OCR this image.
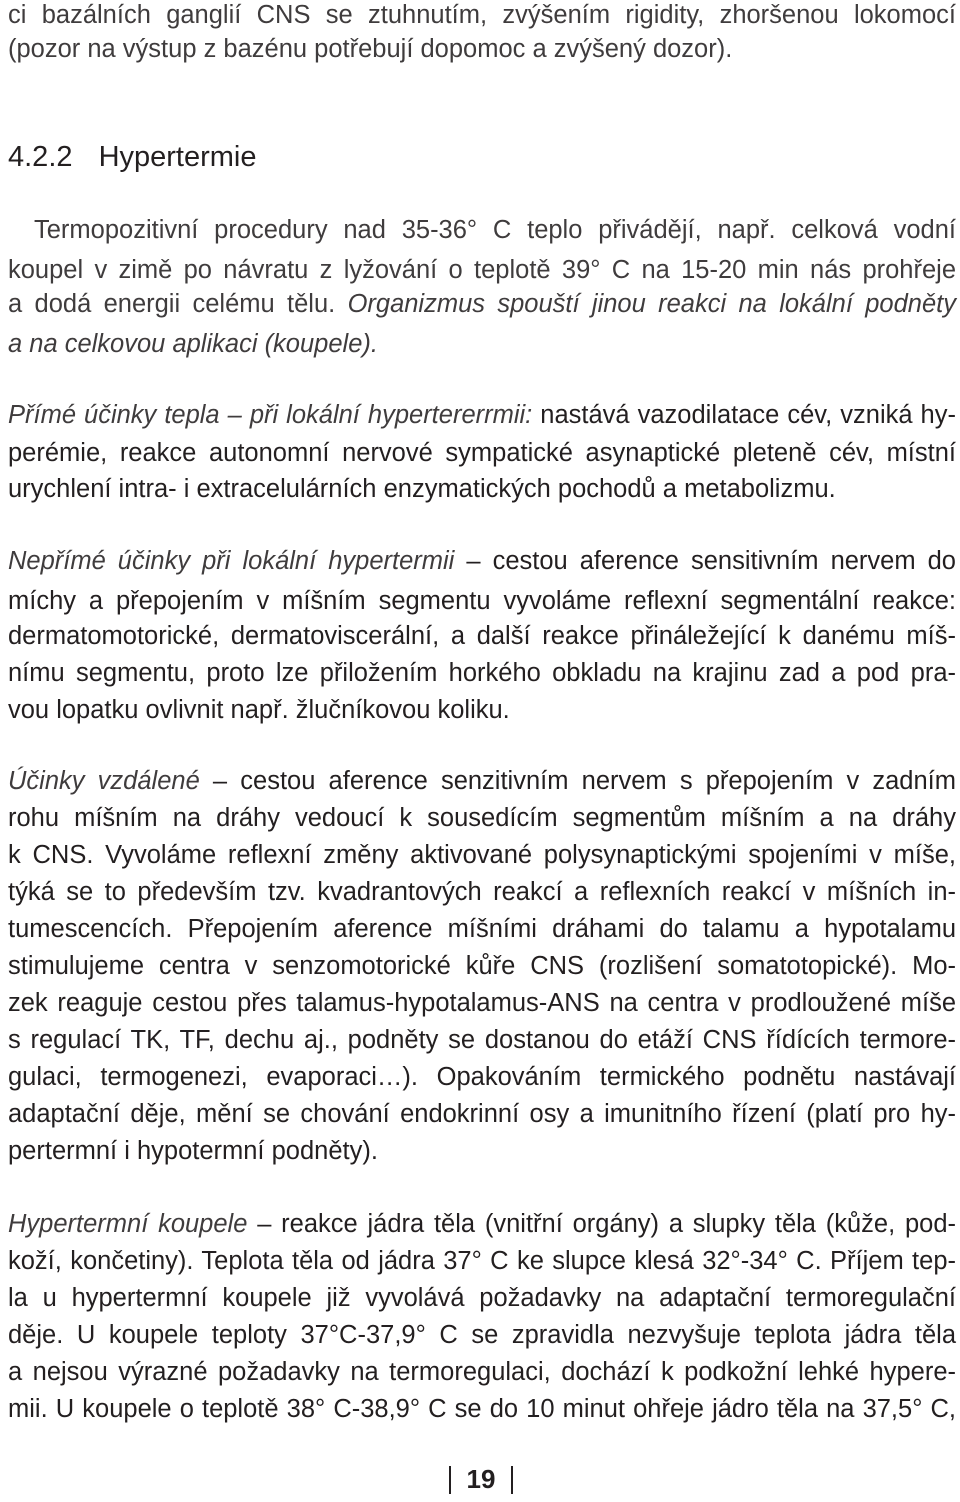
ci bazálních ganglií CNS se ztuhnutím, zvýšením rigidity, zhoršenou lokomocí
(pozor na výstup z bazénu potřebují dopomoc a zvýšený dozor).
4.2.2 Hypertermie
Termopozitivní procedury nad 35-36° C teplo přivádějí, např. celková vodní
koupel v zimě po návratu z lyžování o teplotě 39° C na 15-20 min nás prohřeje
a dodá energii celému tělu. Organizmus spouští jinou reakci na lokální podněty
a na celkovou aplikaci (koupele).
Přímé účinky tepla – při lokální hypertererrmii: nastává vazodilatace cév, vzniká hy-
perémie, reakce autonomní nervové sympatické asynaptické pleteně cév, místní
urychlení intra- i extracelulárních enzymatických pochodů a metabolizmu.
Nepřímé účinky při lokální hypertermii – cestou aference sensitivním nervem do
míchy a přepojením v míšním segmentu vyvoláme reflexní segmentální reakce:
dermatomotorické, dermatoviscerální, a další reakce přináležející k danému míš-
nímu segmentu, proto lze přiložením horkého obkladu na krajinu zad a pod pra-
vou lopatku ovlivnit např. žlučníkovou koliku.
Účinky vzdálené – cestou aference senzitivním nervem s přepojením v zadním
rohu míšním na dráhy vedoucí k sousedícím segmentům míšním a na dráhy
k CNS. Vyvoláme reflexní změny aktivované polysynaptickými spojeními v míše,
týká se to především tzv. kvadrantových reakcí a reflexních reakcí v míšních in-
tumescencích. Přepojením aference míšními dráhami do talamu a hypotalamu
stimulujeme centra v senzomotorické kůře CNS (rozlišení somatotopické). Mo-
zek reaguje cestou přes talamus-hypotalamus-ANS na centra v prodloužené míše
s regulací TK, TF, dechu aj., podněty se dostanou do etáží CNS řídících termore-
gulaci, termogenezi, evaporaci…). Opakováním termického podnětu nastávají
adaptační děje, mění se chování endokrinní osy a imunitního řízení (platí pro hy-
pertermní i hypotermní podněty).
Hypertermní koupele – reakce jádra těla (vnitřní orgány) a slupky těla (kůže, pod-
koží, končetiny). Teplota těla od jádra 37° C ke slupce klesá 32°-34° C. Příjem tep-
la u hypertermní koupele již vyvolává požadavky na adaptační termoregulační
děje. U koupele teploty 37°C-37,9° C se zpravidla nezvyšuje teplota jádra těla
a nejsou výrazné požadavky na termoregulaci, dochází k podkožní lehké hypere-
mii. U koupele o teplotě 38° C-38,9° C se do 10 minut ohřeje jádro těla na 37,5° C,
19
